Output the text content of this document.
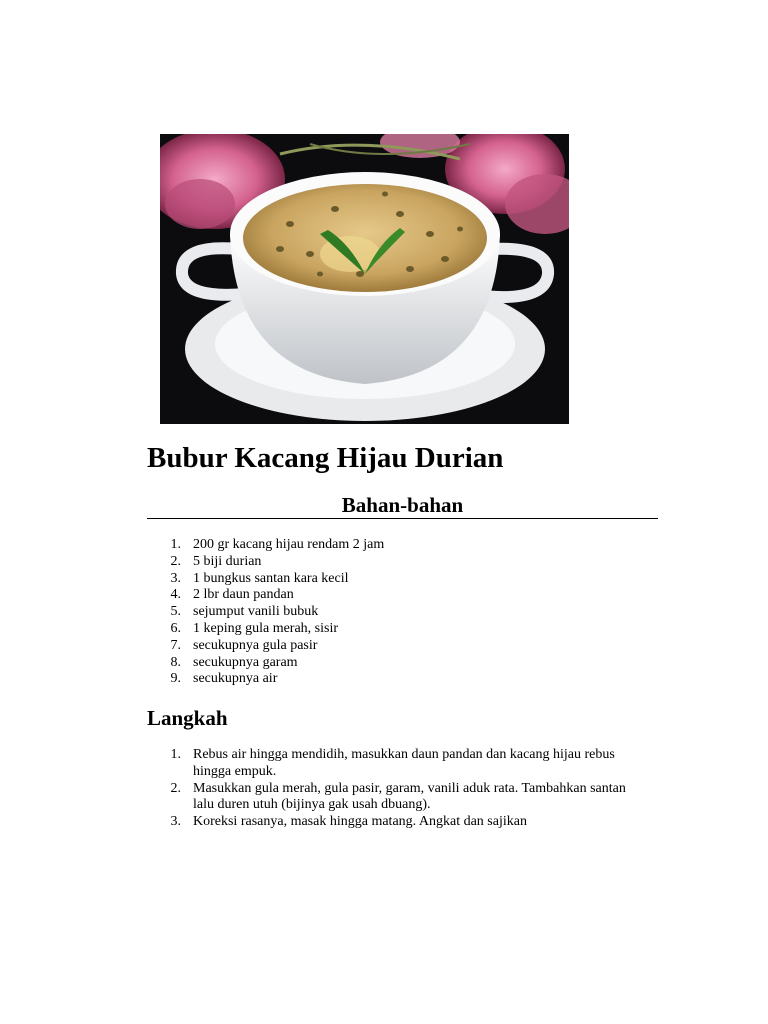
Bubur Kacang Hijau Durian
Bahan-bahan
1. 200 gr kacang hijau rendam 2 jam
2. 5 biji durian
3. 1 bungkus santan kara kecil
4. 2 lbr daun pandan
5. sejumput vanili bubuk
6. 1 keping gula merah, sisir
7. secukupnya gula pasir
8. secukupnya garam
9. secukupnya air
Langkah
1. Rebus air hingga mendidih, masukkan daun pandan dan kacang hijau rebus hingga empuk.
2. Masukkan gula merah, gula pasir, garam, vanili aduk rata. Tambahkan santan lalu duren utuh (bijinya gak usah dbuang).
3. Koreksi rasanya, masak hingga matang. Angkat dan sajikan
